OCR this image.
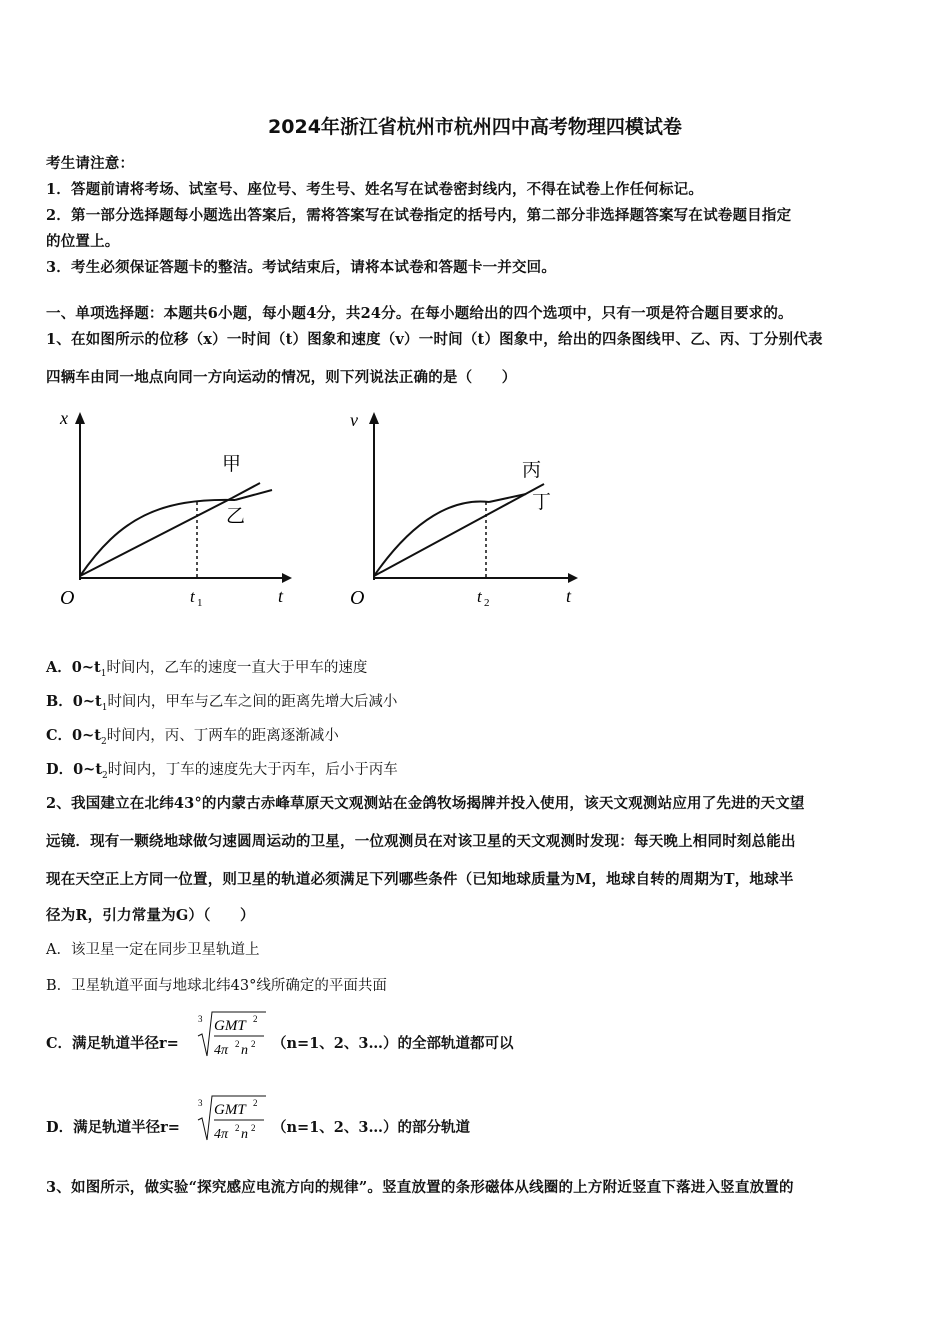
2024年浙江省杭州市杭州四中高考物理四模试卷
考生请注意：
1．答题前请将考场、试室号、座位号、考生号、姓名写在试卷密封线内，不得在试卷上作任何标记。
2．第一部分选择题每小题选出答案后，需将答案写在试卷指定的括号内，第二部分非选择题答案写在试卷题目指定
的位置上。
3．考生必须保证答题卡的整洁。考试结束后，请将本试卷和答题卡一并交回。
一、单项选择题：本题共6小题，每小题4分，共24分。在每小题给出的四个选项中，只有一项是符合题目要求的。
1、在如图所示的位移（x）一时间（t）图象和速度（v）一时间（t）图象中，给出的四条图线甲、乙、丙、丁分别代表
四辆车由同一地点向同一方向运动的情况，则下列说法正确的是（　　）
x
t
O	t 1
甲
乙
v
t
O	t 2
丙
丁
A．$0\sim t_1$时间内，乙车的速度一直大于甲车的速度
B．$0\sim t_1$时间内，甲车与乙车之间的距离先增大后减小
C．$0\sim t_2$时间内，丙、丁两车的距离逐渐减小
D．$0\sim t_2$时间内，丁车的速度先大于丙车，后小于丙车
2、我国建立在北纬43°的内蒙古赤峰草原天文观测站在金鸽牧场揭牌并投入使用，该天文观测站应用了先进的天文望
远镜．现有一颗绕地球做匀速圆周运动的卫星，一位观测员在对该卫星的天文观测时发现：每天晚上相同时刻总能出
现在天空正上方同一位置，则卫星的轨道必须满足下列哪些条件（已知地球质量为M，地球自转的周期为T，地球半
径为R，引力常量为G）（　　）
A．该卫星一定在同步卫星轨道上
B．卫星轨道平面与地球北纬43°线所确定的平面共面
C．满足轨道半径r=
3 GMT 2
4π 2 n 2 （n=1、2、3…）的全部轨道都可以
D．满足轨道半径r=
3 GMT 2
4π 2 n 2 （n=1、2、3…）的部分轨道
3、如图所示，做实验“探究感应电流方向的规律”。竖直放置的条形磁体从线圈的上方附近竖直下落进入竖直放置的
